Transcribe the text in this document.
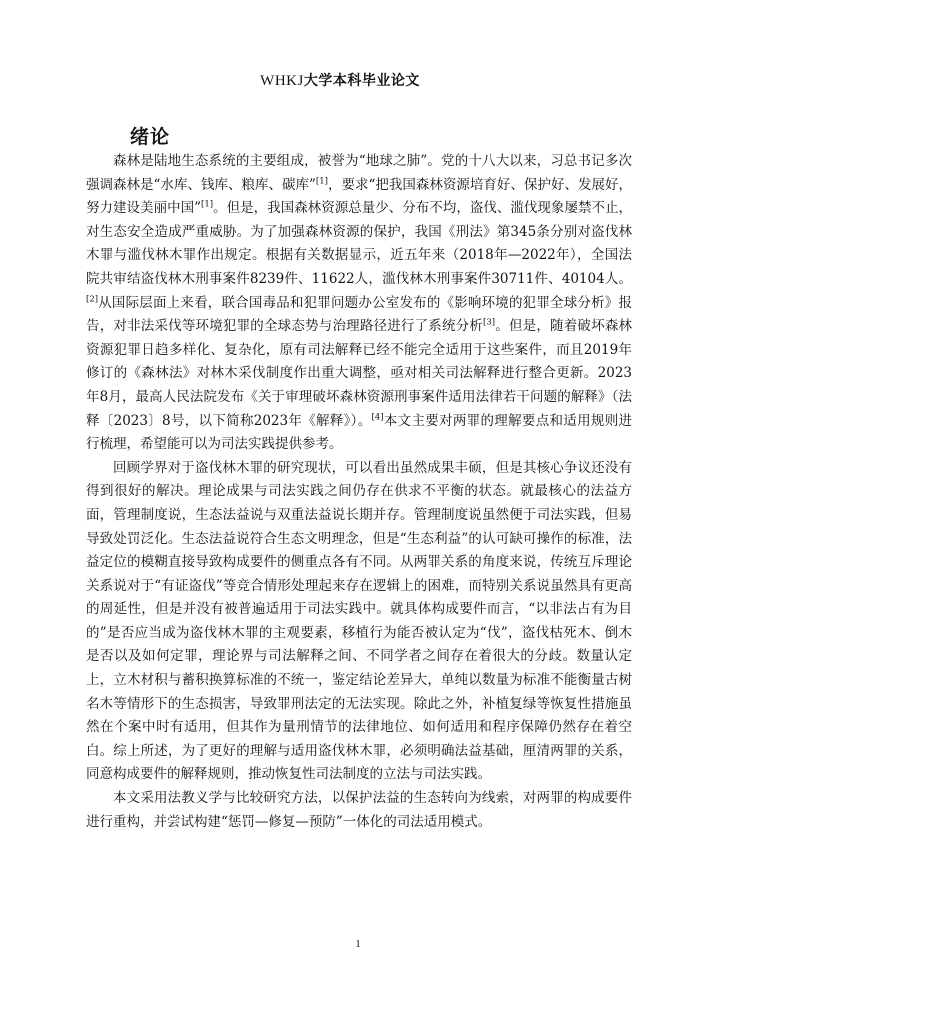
WHKJ大学本科毕业论文
绪论

森林是陆地生态系统的主要组成，被誉为“地球之肺”。党的十八大以来，习总书记多次强调森林是“水库、钱库、粮库、碳库”[1]，要求“把我国森林资源培育好、保护好、发展好，努力建设美丽中国”[1]。但是，我国森林资源总量少、分布不均，盗伐、滥伐现象屡禁不止，对生态安全造成严重威胁。为了加强森林资源的保护，我国《刑法》第345条分别对盗伐林木罪与滥伐林木罪作出规定。根据有关数据显示，近五年来（2018年—2022年），全国法院共审结盗伐林木刑事案件8239件、11622人，滥伐林木刑事案件30711件、40104人。[2]从国际层面上来看，联合国毒品和犯罪问题办公室发布的《影响环境的犯罪全球分析》报告，对非法采伐等环境犯罪的全球态势与治理路径进行了系统分析[3]。但是，随着破坏森林资源犯罪日趋多样化、复杂化，原有司法解释已经不能完全适用于这些案件，而且2019年修订的《森林法》对林木采伐制度作出重大调整，亟对相关司法解释进行整合更新。2023年8月，最高人民法院发布《关于审理破坏森林资源刑事案件适用法律若干问题的解释》（法释〔2023〕8号，以下简称2023年《解释》）。[4]本文主要对两罪的理解要点和适用规则进行梳理，希望能可以为司法实践提供参考。

回顾学界对于盗伐林木罪的研究现状，可以看出虽然成果丰硕，但是其核心争议还没有得到很好的解决。理论成果与司法实践之间仍存在供求不平衡的状态。就最核心的法益方面，管理制度说，生态法益说与双重法益说长期并存。管理制度说虽然便于司法实践，但易导致处罚泛化。生态法益说符合生态文明理念，但是“生态利益”的认可缺可操作的标准，法益定位的模糊直接导致构成要件的侧重点各有不同。从两罪关系的角度来说，传统互斥理论关系说对于“有证盗伐”等竞合情形处理起来存在逻辑上的困难，而特别关系说虽然具有更高的周延性，但是并没有被普遍适用于司法实践中。就具体构成要件而言，“以非法占有为目的”是否应当成为盗伐林木罪的主观要素，移植行为能否被认定为“伐”，盗伐枯死木、倒木是否以及如何定罪，理论界与司法解释之间、不同学者之间存在着很大的分歧。数量认定上，立木材积与蓄积换算标准的不统一，鉴定结论差异大，单纯以数量为标准不能衡量古树名木等情形下的生态损害，导致罪刑法定的无法实现。除此之外，补植复绿等恢复性措施虽然在个案中时有适用，但其作为量刑情节的法律地位、如何适用和程序保障仍然存在着空白。综上所述，为了更好的理解与适用盗伐林木罪，必须明确法益基础，厘清两罪的关系，同意构成要件的解释规则，推动恢复性司法制度的立法与司法实践。

本文采用法教义学与比较研究方法，以保护法益的生态转向为线索，对两罪的构成要件进行重构，并尝试构建“惩罚—修复—预防”一体化的司法适用模式。

1
